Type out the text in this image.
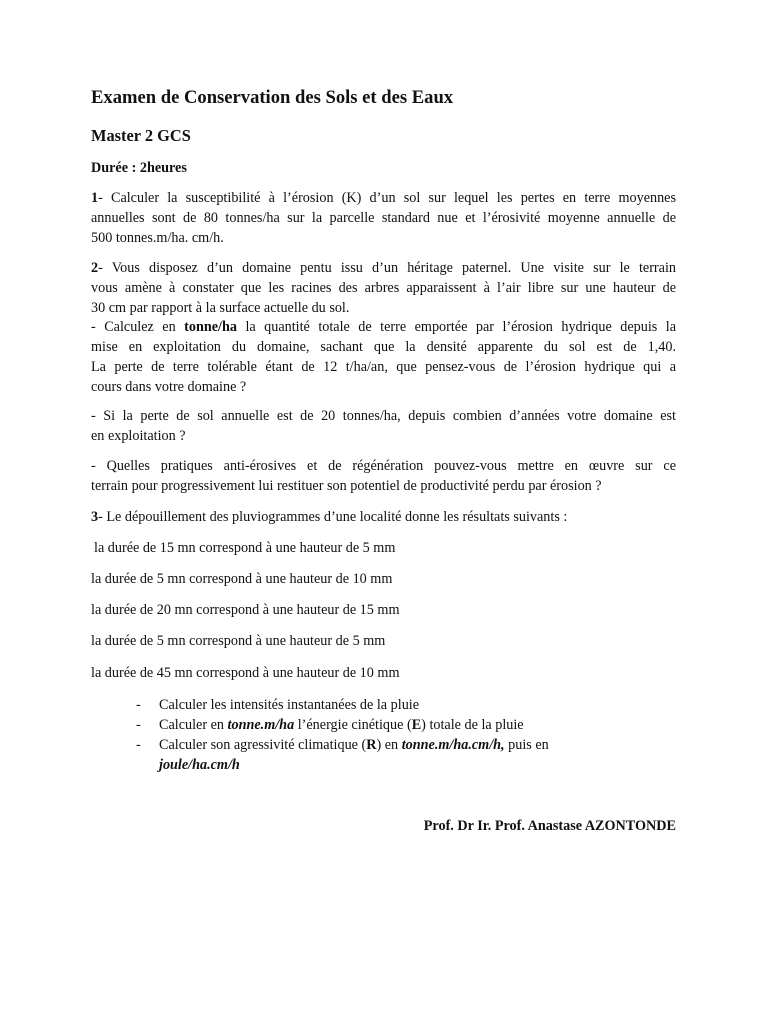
Examen de Conservation des Sols et des Eaux
Master 2 GCS
Durée : 2heures
1- Calculer la susceptibilité à l’érosion (K) d’un sol sur lequel les pertes en terre moyennes
annuelles sont de 80 tonnes/ha sur la parcelle standard nue et l’érosivité moyenne annuelle de
500 tonnes.m/ha. cm/h.
2- Vous disposez d’un domaine pentu issu d’un héritage paternel. Une visite sur le terrain
vous amène à constater que les racines des arbres apparaissent à l’air libre sur une hauteur de
30 cm par rapport à la surface actuelle du sol.
- Calculez en tonne/ha la quantité totale de terre emportée par l’érosion hydrique depuis la
mise en exploitation du domaine, sachant que la densité apparente du sol est de 1,40.
La perte de terre tolérable étant de 12 t/ha/an, que pensez-vous de l’érosion hydrique qui a
cours dans votre domaine ?
- Si la perte de sol annuelle est de 20 tonnes/ha, depuis combien d’années votre domaine est
en exploitation ?
- Quelles pratiques anti-érosives et de régénération pouvez-vous mettre en œuvre sur ce
terrain pour progressivement lui restituer son potentiel de productivité perdu par érosion ?
3- Le dépouillement des pluviogrammes d’une localité donne les résultats suivants :
la durée de 15 mn correspond à une hauteur de 5 mm
la durée de 5 mn correspond à une hauteur de 10 mm
la durée de 20 mn correspond à une hauteur de 15 mm
la durée de 5 mn correspond à une hauteur de 5 mm
la durée de 45 mn correspond à une hauteur de 10 mm
- Calculer les intensités instantanées de la pluie
- Calculer en tonne.m/ha l’énergie cinétique (E) totale de la pluie
- Calculer son agressivité climatique (R) en tonne.m/ha.cm/h, puis en
joule/ha.cm/h
Prof. Dr Ir. Prof. Anastase AZONTONDE
